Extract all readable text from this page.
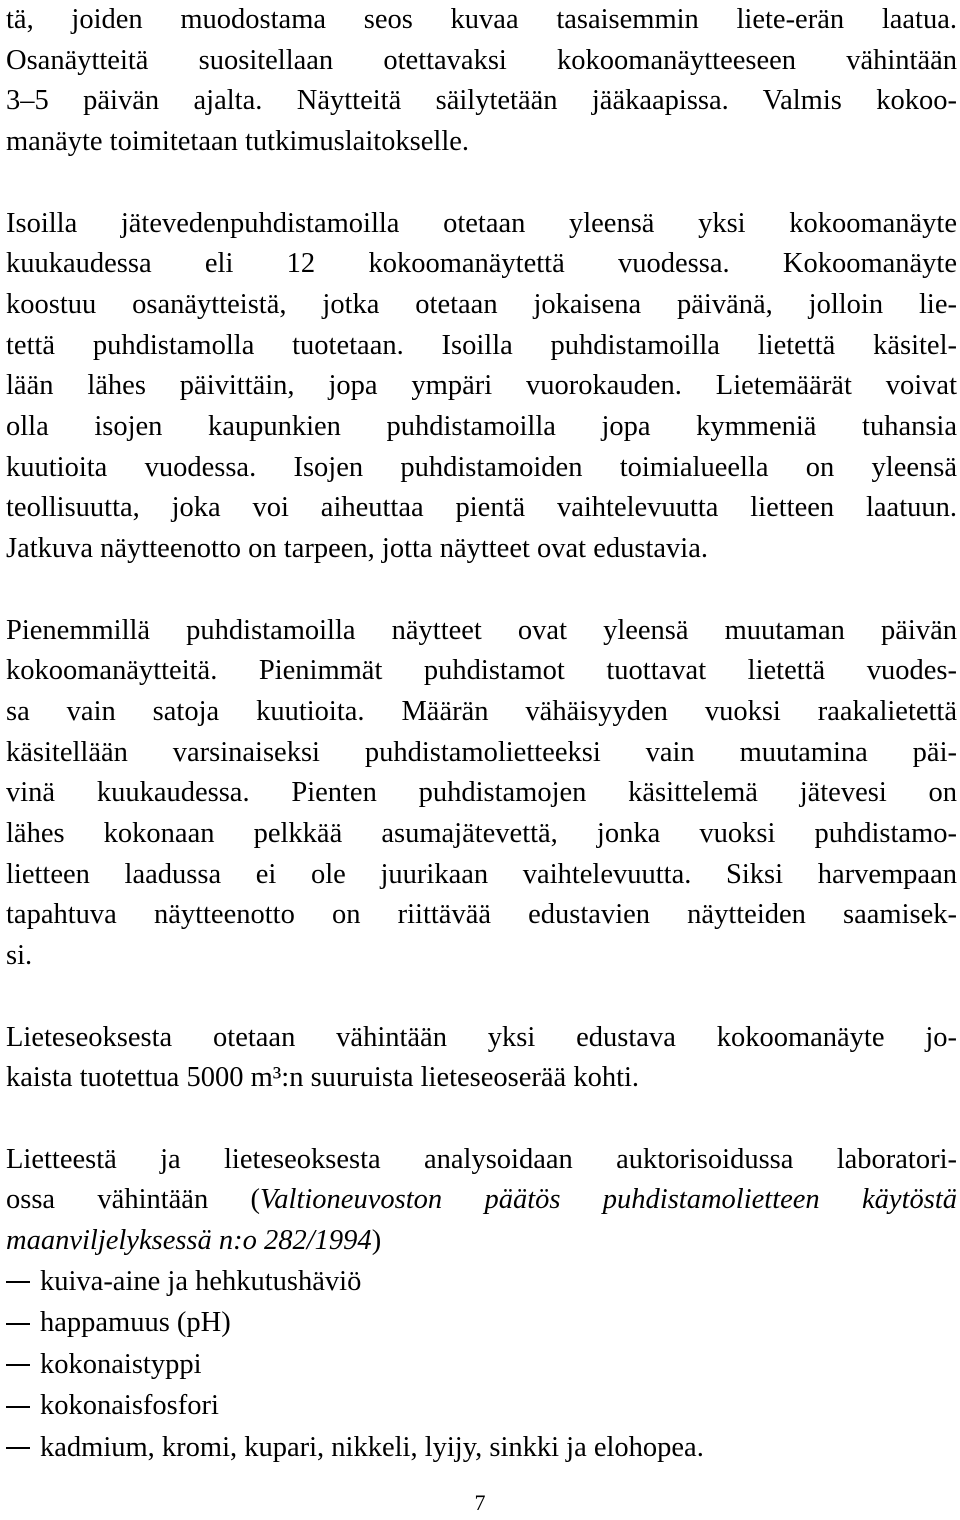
tä, joiden muodostama seos kuvaa tasaisemmin liete-erän laatua.
Osanäytteitä suositellaan otettavaksi kokoomanäytteeseen vähintään
3–5 päivän ajalta. Näytteitä säilytetään jääkaapissa. Valmis kokoo-
manäyte toimitetaan tutkimuslaitokselle.
Isoilla jätevedenpuhdistamoilla otetaan yleensä yksi kokoomanäyte
kuukaudessa eli 12 kokoomanäytettä vuodessa. Kokoomanäyte
koostuu osanäytteistä, jotka otetaan jokaisena päivänä, jolloin lie-
tettä puhdistamolla tuotetaan. Isoilla puhdistamoilla lietettä käsitel-
lään lähes päivittäin, jopa ympäri vuorokauden. Lietemäärät voivat
olla isojen kaupunkien puhdistamoilla jopa kymmeniä tuhansia
kuutioita vuodessa. Isojen puhdistamoiden toimialueella on yleensä
teollisuutta, joka voi aiheuttaa pientä vaihtelevuutta lietteen laatuun.
Jatkuva näytteenotto on tarpeen, jotta näytteet ovat edustavia.
Pienemmillä puhdistamoilla näytteet ovat yleensä muutaman päivän
kokoomanäytteitä. Pienimmät puhdistamot tuottavat lietettä vuodes-
sa vain satoja kuutioita. Määrän vähäisyyden vuoksi raakalietettä
käsitellään varsinaiseksi puhdistamolietteeksi vain muutamina päi-
vinä kuukaudessa. Pienten puhdistamojen käsittelemä jätevesi on
lähes kokonaan pelkkää asumajätevettä, jonka vuoksi puhdistamo-
lietteen laadussa ei ole juurikaan vaihtelevuutta. Siksi harvempaan
tapahtuva näytteenotto on riittävää edustavien näytteiden saamisek-
si.
Lieteseoksesta otetaan vähintään yksi edustava kokoomanäyte jo-
kaista tuotettua 5000 m³:n suuruista lieteseoserää kohti.
Lietteestä ja lieteseoksesta analysoidaan auktorisoidussa laboratori-
ossa vähintään (Valtioneuvoston päätös puhdistamolietteen käytöstä
maanviljelyksessä n:o 282/1994)
kuiva-aine ja hehkutushäviö
happamuus (pH)
kokonaistyppi
kokonaisfosfori
kadmium, kromi, kupari, nikkeli, lyijy, sinkki ja elohopea.
7
